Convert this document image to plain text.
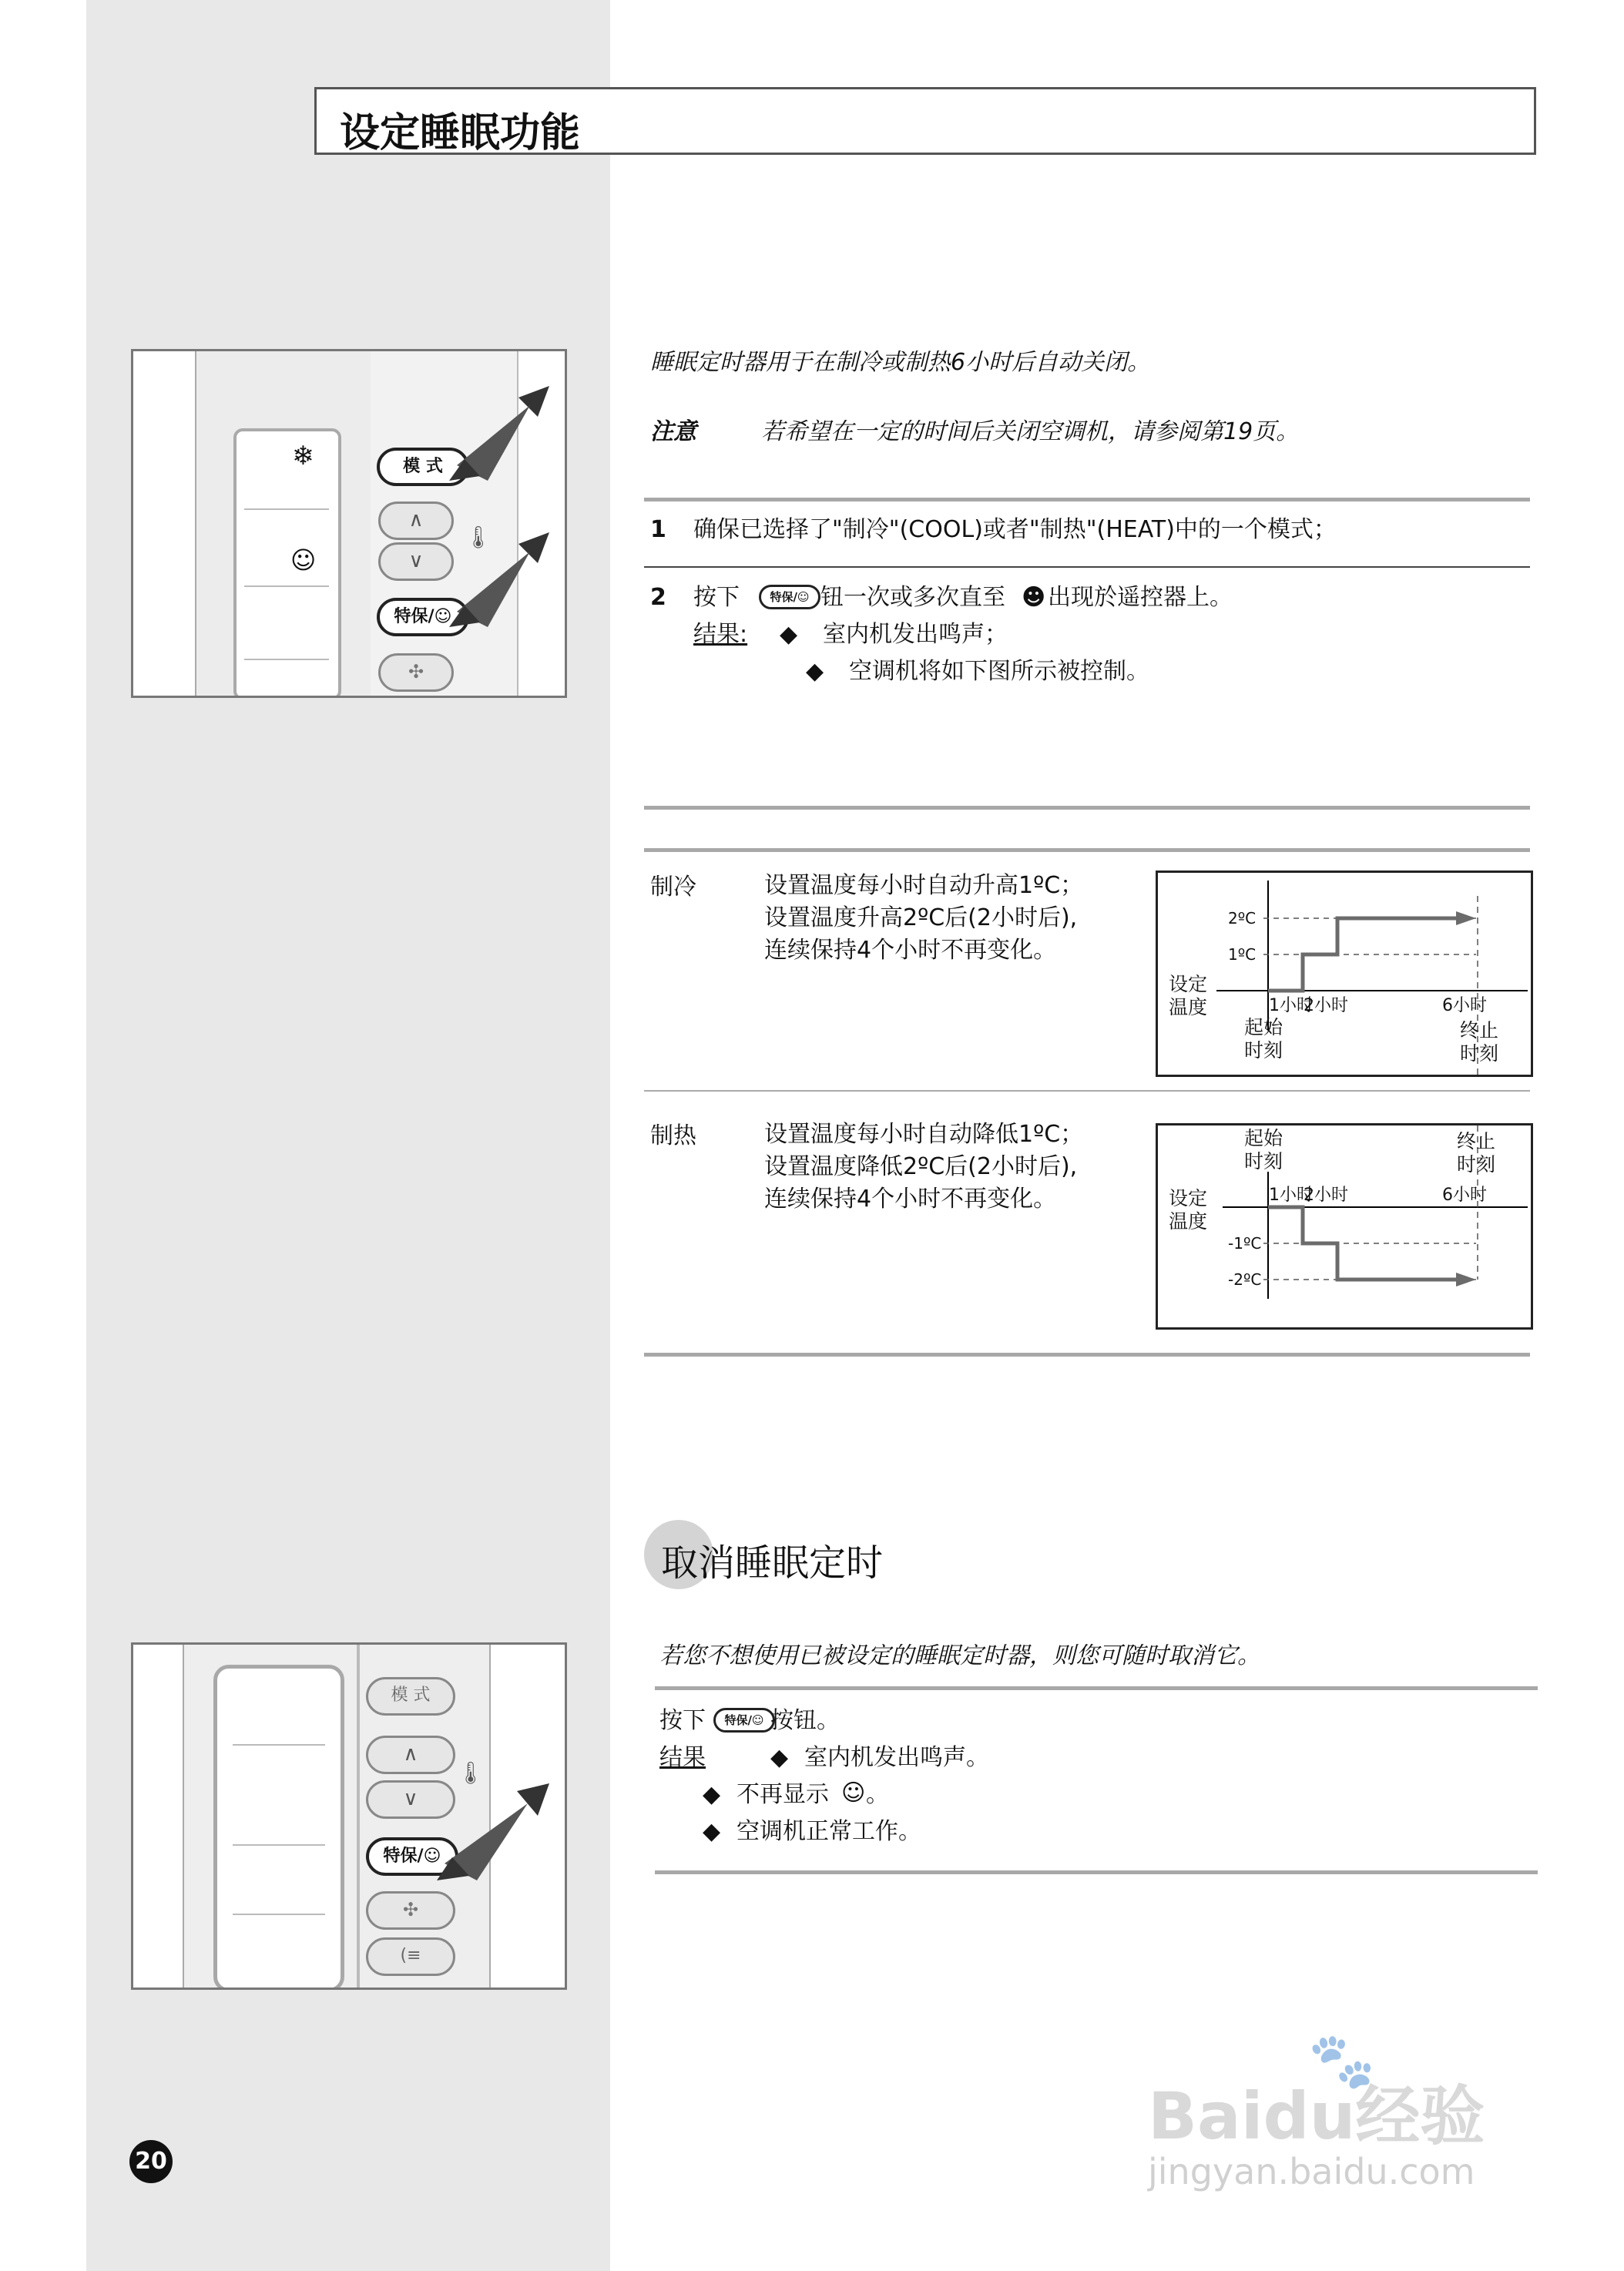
设定睡眠功能
❄
☺
模 式
∧
∨
🌡
特保/☺
✣
睡眠定时器用于在制冷或制热6小时后自动关闭。
注意	若希望在一定的时间后关闭空调机，请参阅第19页。
1 确保已选择了"制冷"(COOL)或者"制热"(HEAT)中的一个模式；
2 按下	特保/☺ 钮一次或多次直至 ☻ 出现於遥控器上。
结果: ◆ 室内机发出鸣声；
◆ 空调机将如下图所示被控制。
制冷	设置温度每小时自动升高1ºC；
设置温度升高2ºC后(2小时后),
连续保持4个小时不再变化。	1ºC
2ºC
设定
温度	1小时
2小时	6小时
起始
时刻
终止
时刻
制热	设置温度每小时自动降低1ºC；
设置温度降低2ºC后(2小时后),
连续保持4个小时不再变化。
起始
时刻
终止
时刻
1小时
2小时	6小时
设定
温度
-1ºC
-2ºC
取消睡眠定时
若您不想使用已被设定的睡眠定时器，则您可随时取消它。
按下	特保/☺ 按钮。
结果	◆ 室内机发出鸣声。
◆ 不再显示 ☺ 。
◆ 空调机正常工作。
模 式
∧
∨
🌡
特保/☺
✣
(≡
20
Baidu经验
jingyan.baidu.com
🐾
